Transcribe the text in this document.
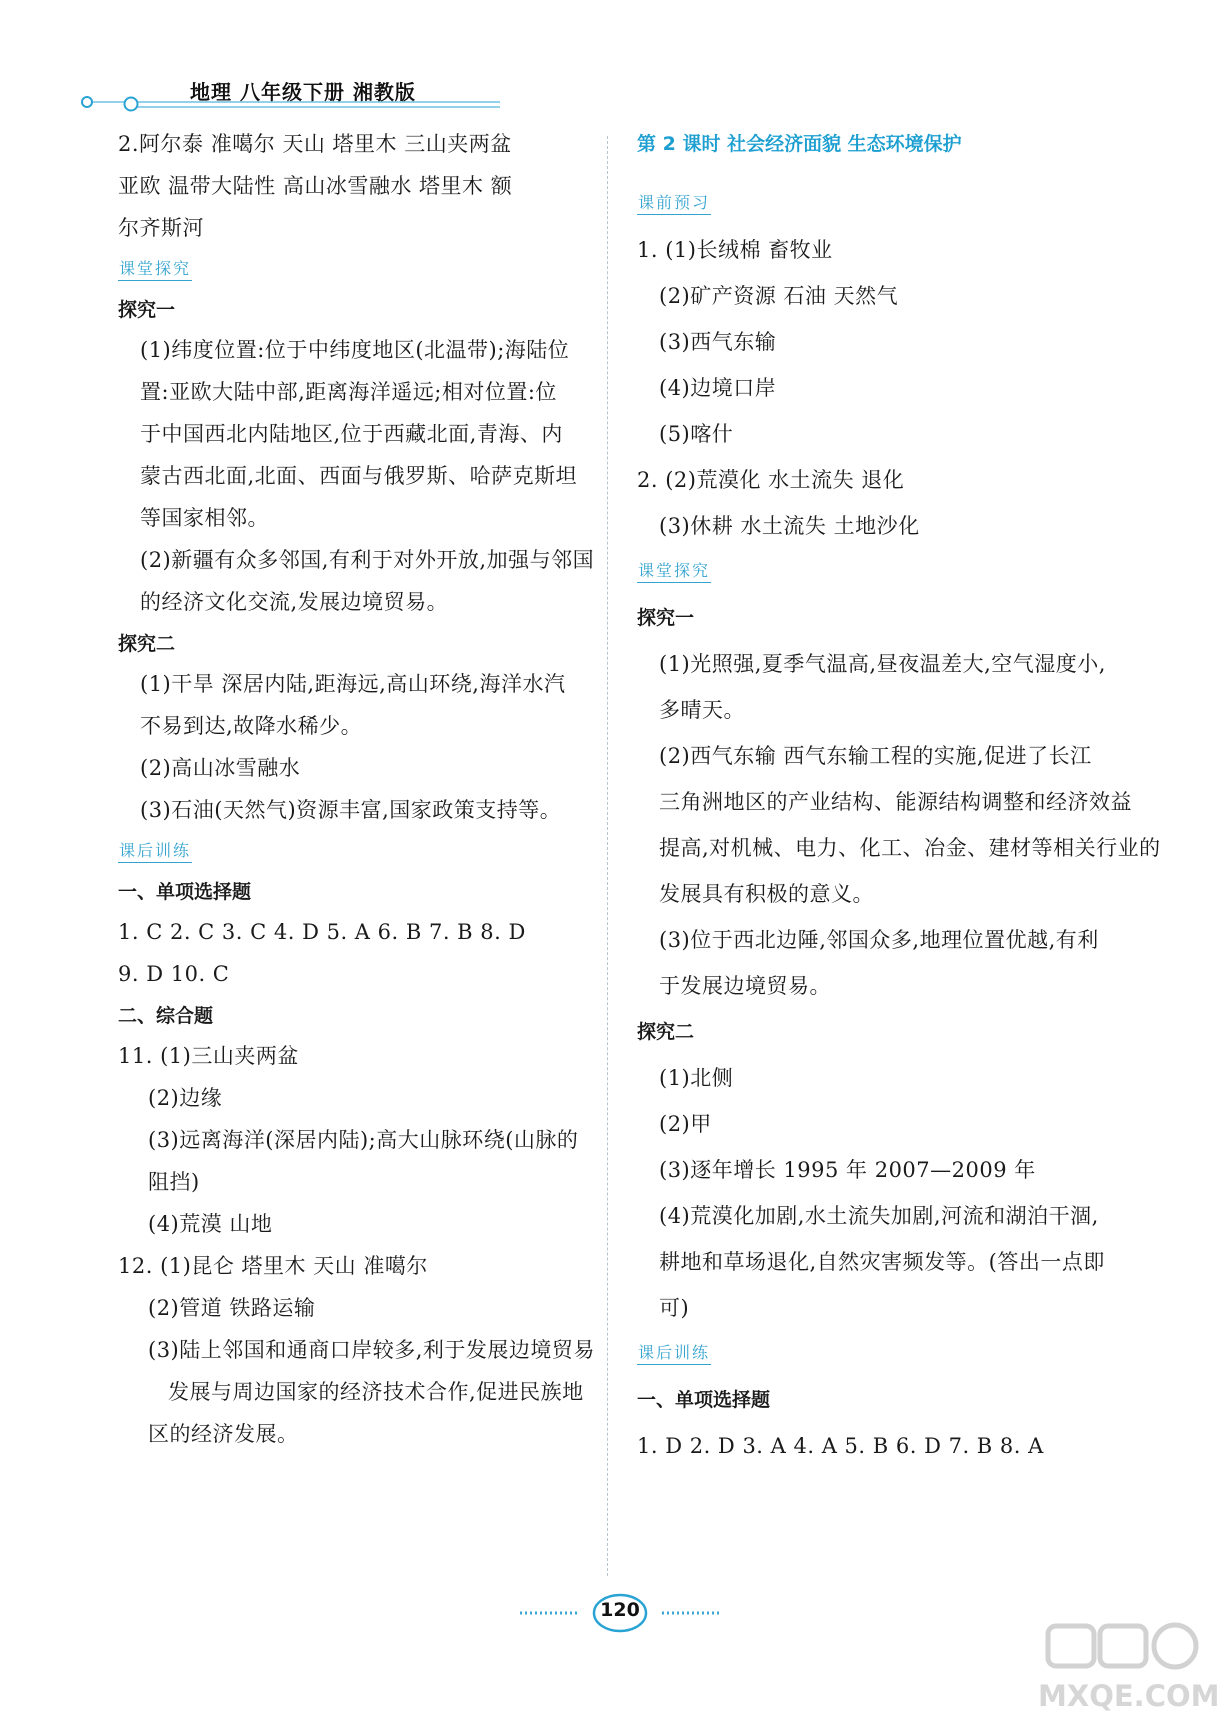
地理 八年级下册 湘教版
2.阿尔泰 准噶尔 天山 塔里木 三山夹两盆
亚欧 温带大陆性 高山冰雪融水 塔里木 额
尔齐斯河
课堂探究
探究一
(1)纬度位置:位于中纬度地区(北温带);海陆位
置:亚欧大陆中部,距离海洋遥远;相对位置:位
于中国西北内陆地区,位于西藏北面,青海、内
蒙古西北面,北面、西面与俄罗斯、哈萨克斯坦
等国家相邻。
(2)新疆有众多邻国,有利于对外开放,加强与邻国
的经济文化交流,发展边境贸易。
探究二
(1)干旱 深居内陆,距海远,高山环绕,海洋水汽
不易到达,故降水稀少。
(2)高山冰雪融水
(3)石油(天然气)资源丰富,国家政策支持等。
课后训练
一、单项选择题
1. C 2. C 3. C 4. D 5. A 6. B 7. B 8. D
9. D 10. C
二、综合题
11. (1)三山夹两盆
(2)边缘
(3)远离海洋(深居内陆);高大山脉环绕(山脉的
阻挡)
(4)荒漠 山地
12. (1)昆仑 塔里木 天山 准噶尔
(2)管道 铁路运输
(3)陆上邻国和通商口岸较多,利于发展边境贸易
发展与周边国家的经济技术合作,促进民族地
区的经济发展。
第 2 课时 社会经济面貌 生态环境保护
课前预习
1. (1)长绒棉 畜牧业
(2)矿产资源 石油 天然气
(3)西气东输
(4)边境口岸
(5)喀什
2. (2)荒漠化 水土流失 退化
(3)休耕 水土流失 土地沙化
课堂探究
探究一
(1)光照强,夏季气温高,昼夜温差大,空气湿度小,
多晴天。
(2)西气东输 西气东输工程的实施,促进了长江
三角洲地区的产业结构、能源结构调整和经济效益
提高,对机械、电力、化工、冶金、建材等相关行业的
发展具有积极的意义。
(3)位于西北边陲,邻国众多,地理位置优越,有利
于发展边境贸易。
探究二
(1)北侧
(2)甲
(3)逐年增长 1995 年 2007—2009 年
(4)荒漠化加剧,水土流失加剧,河流和湖泊干涸,
耕地和草场退化,自然灾害频发等。(答出一点即
可)
课后训练
一、单项选择题
1. D 2. D 3. A 4. A 5. B 6. D 7. B 8. A
120
MXQE.COM
